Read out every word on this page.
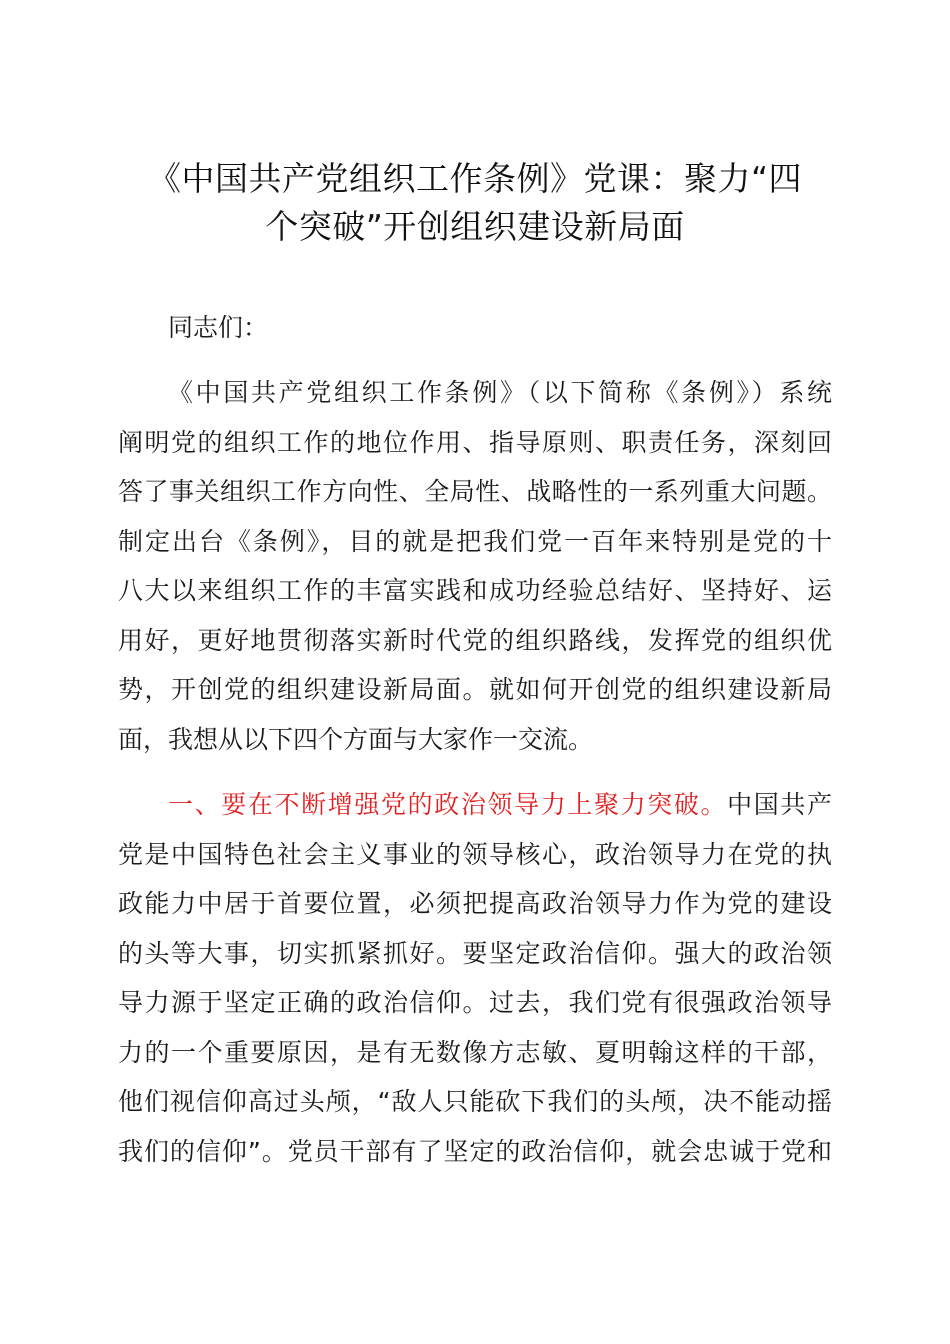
《中国共产党组织工作条例》党课：聚力“四
个突破”开创组织建设新局面

同志们：

《中国共产党组织工作条例》（以下简称《条例》）系统
阐明党的组织工作的地位作用、指导原则、职责任务，深刻回
答了事关组织工作方向性、全局性、战略性的一系列重大问题。
制定出台《条例》，目的就是把我们党一百年来特别是党的十
八大以来组织工作的丰富实践和成功经验总结好、坚持好、运
用好，更好地贯彻落实新时代党的组织路线，发挥党的组织优
势，开创党的组织建设新局面。就如何开创党的组织建设新局
面，我想从以下四个方面与大家作一交流。
一、要在不断增强党的政治领导力上聚力突破。中国共产
党是中国特色社会主义事业的领导核心，政治领导力在党的执
政能力中居于首要位置，必须把提高政治领导力作为党的建设
的头等大事，切实抓紧抓好。要坚定政治信仰。强大的政治领
导力源于坚定正确的政治信仰。过去，我们党有很强政治领导
力的一个重要原因，是有无数像方志敏、夏明翰这样的干部，
他们视信仰高过头颅，“敌人只能砍下我们的头颅，决不能动摇
我们的信仰”。党员干部有了坚定的政治信仰，就会忠诚于党和
